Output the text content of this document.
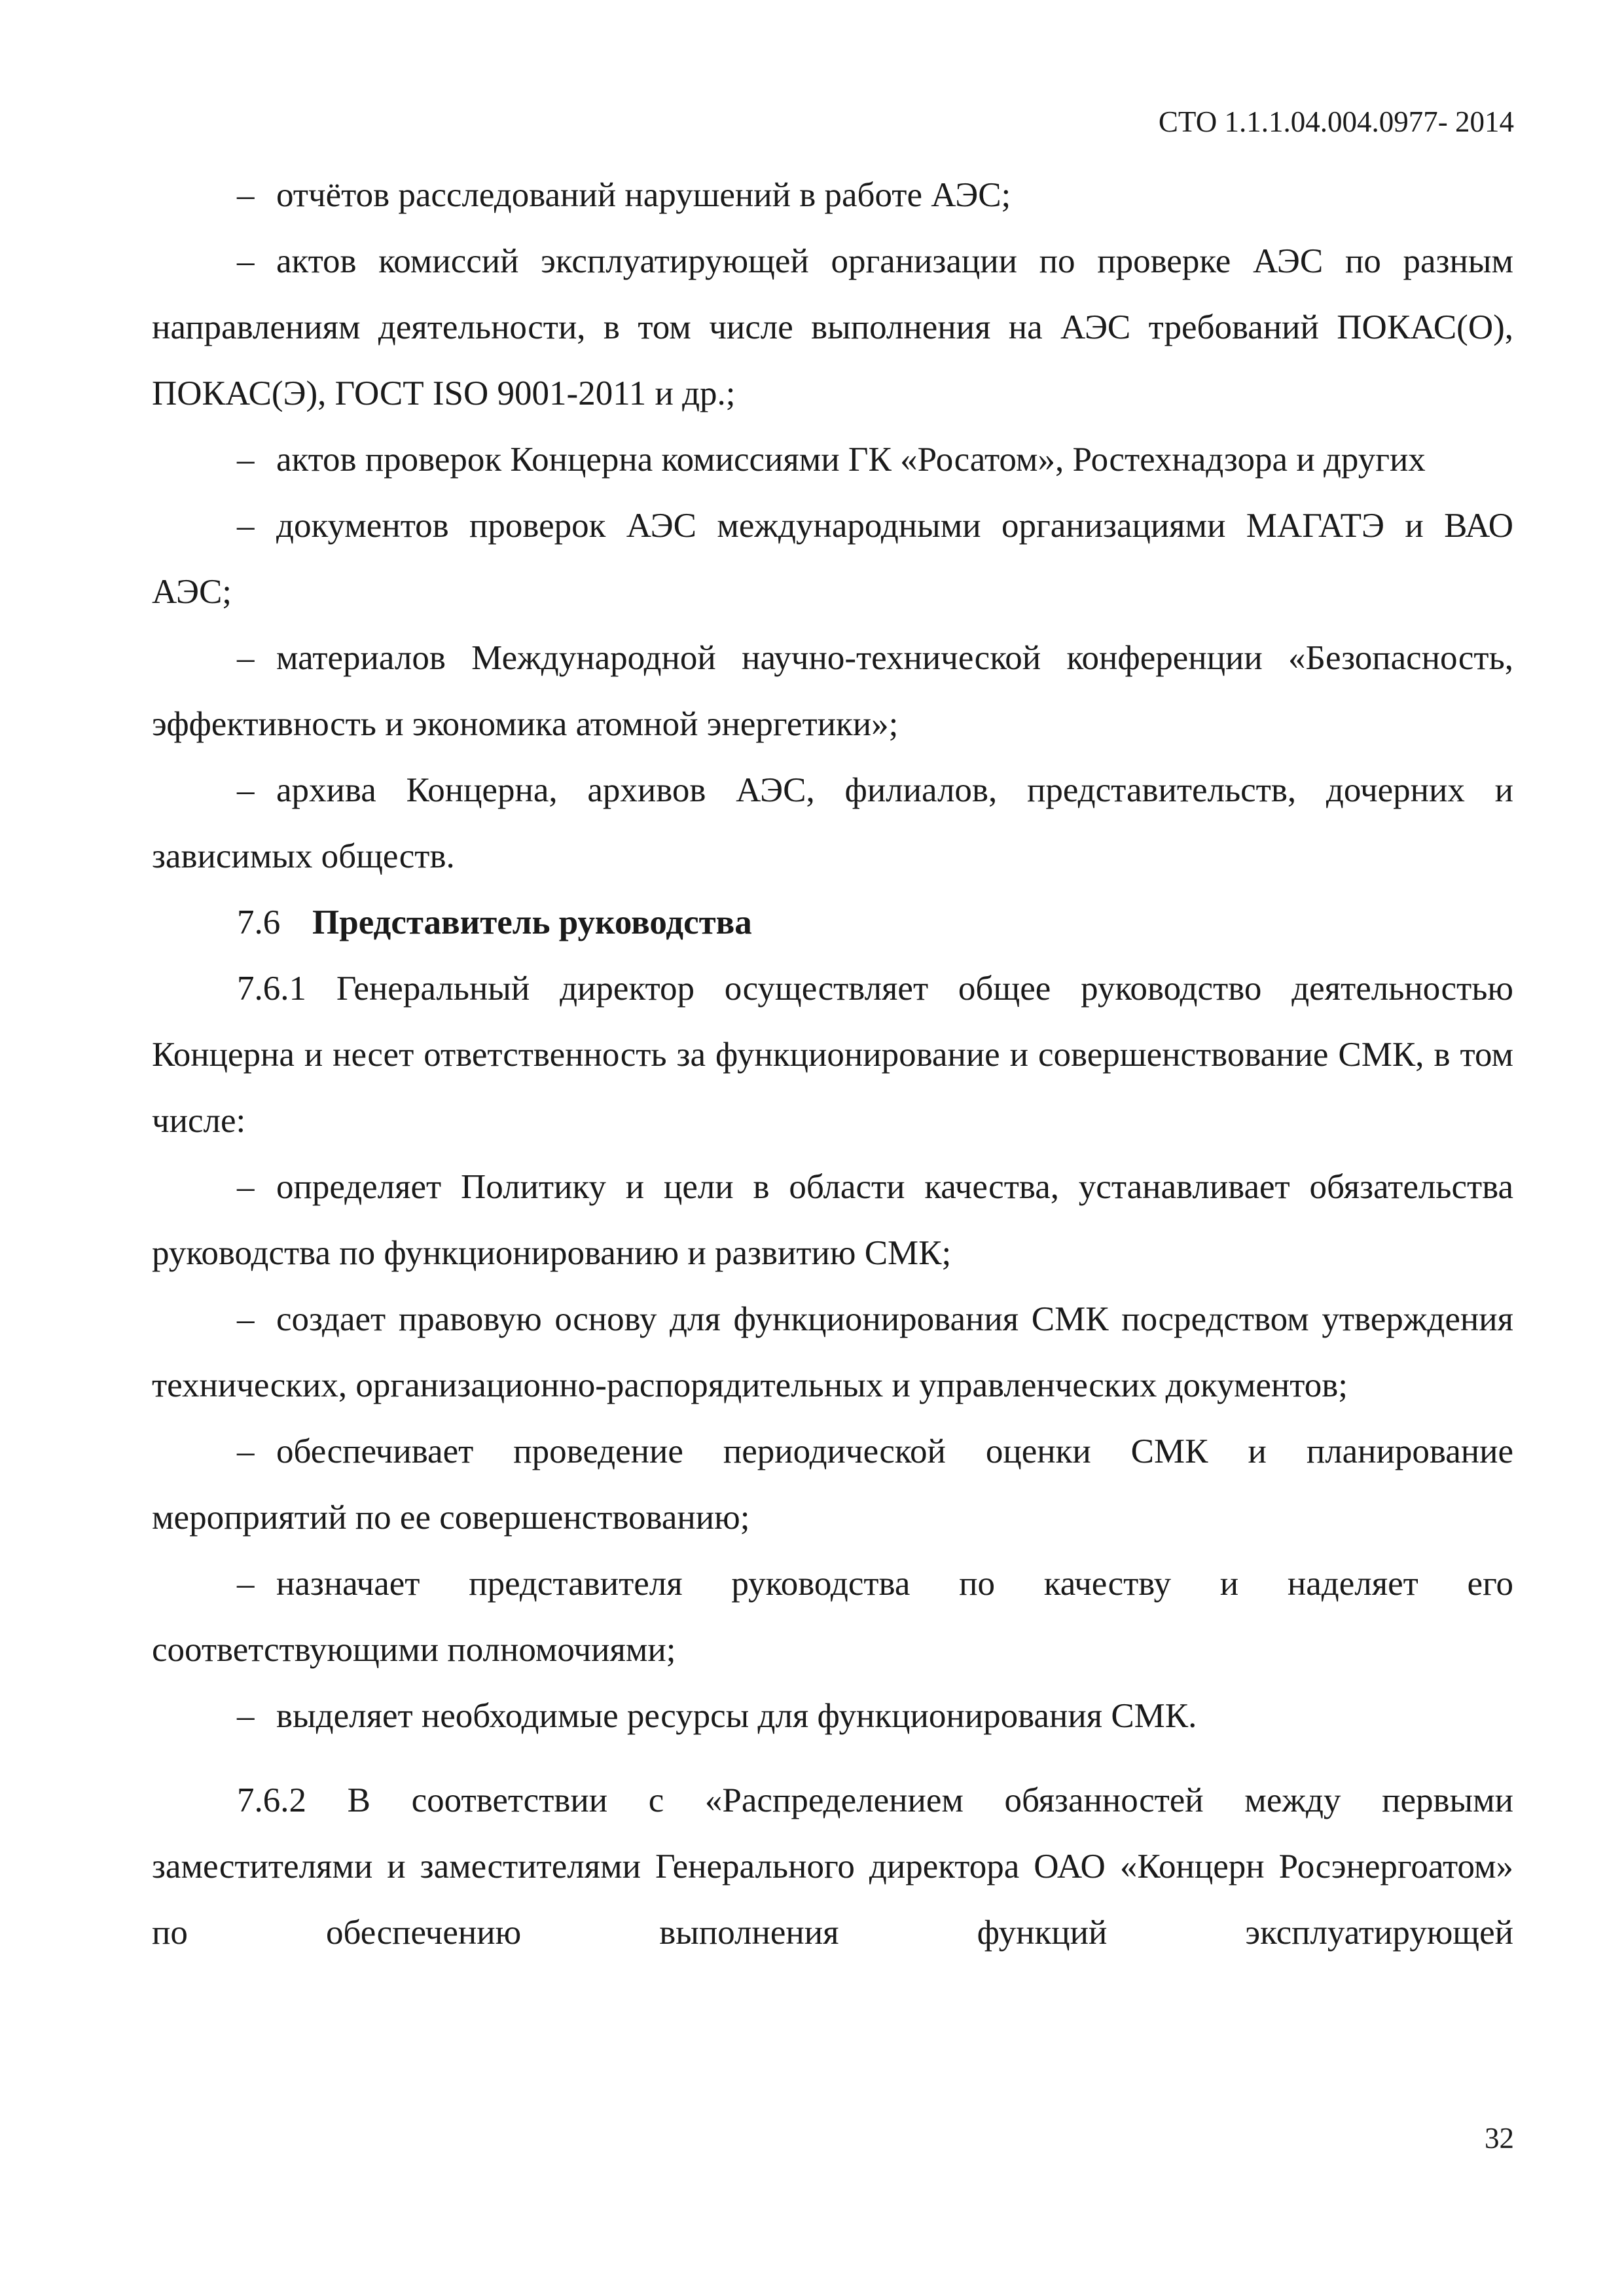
СТО 1.1.1.04.004.0977- 2014

– отчётов расследований нарушений в работе АЭС;

– актов комиссий эксплуатирующей организации по проверке АЭС по разным направлениям деятельности, в том числе выполнения на АЭС требований ПОКАС(О), ПОКАС(Э), ГОСТ ISO 9001-2011 и др.;

– актов проверок Концерна комиссиями ГК «Росатом», Ростехнадзора и других

– документов проверок АЭС международными организациями МАГАТЭ и ВАО АЭС;

– материалов Международной научно-технической конференции «Безопасность, эффективность и экономика атомной энергетики»;

– архива Концерна, архивов АЭС, филиалов, представительств, дочерних и зависимых обществ.

7.6 Представитель руководства

7.6.1 Генеральный директор осуществляет общее руководство деятельностью Концерна и несет ответственность за функционирование и совершенствование СМК, в том числе:

– определяет Политику и цели в области качества, устанавливает обязательства руководства по функционированию и развитию СМК;

– создает правовую основу для функционирования СМК посредством утверждения технических, организационно-распорядительных и управленческих документов;

– обеспечивает проведение периодической оценки СМК и планирование мероприятий по ее совершенствованию;

– назначает представителя руководства по качеству и наделяет его соответствующими полномочиями;

– выделяет необходимые ресурсы для функционирования СМК.

7.6.2 В соответствии с «Распределением обязанностей между первыми заместителями и заместителями Генерального директора ОАО «Концерн Росэнергоатом» по обеспечению выполнения функций эксплуатирующей

32
